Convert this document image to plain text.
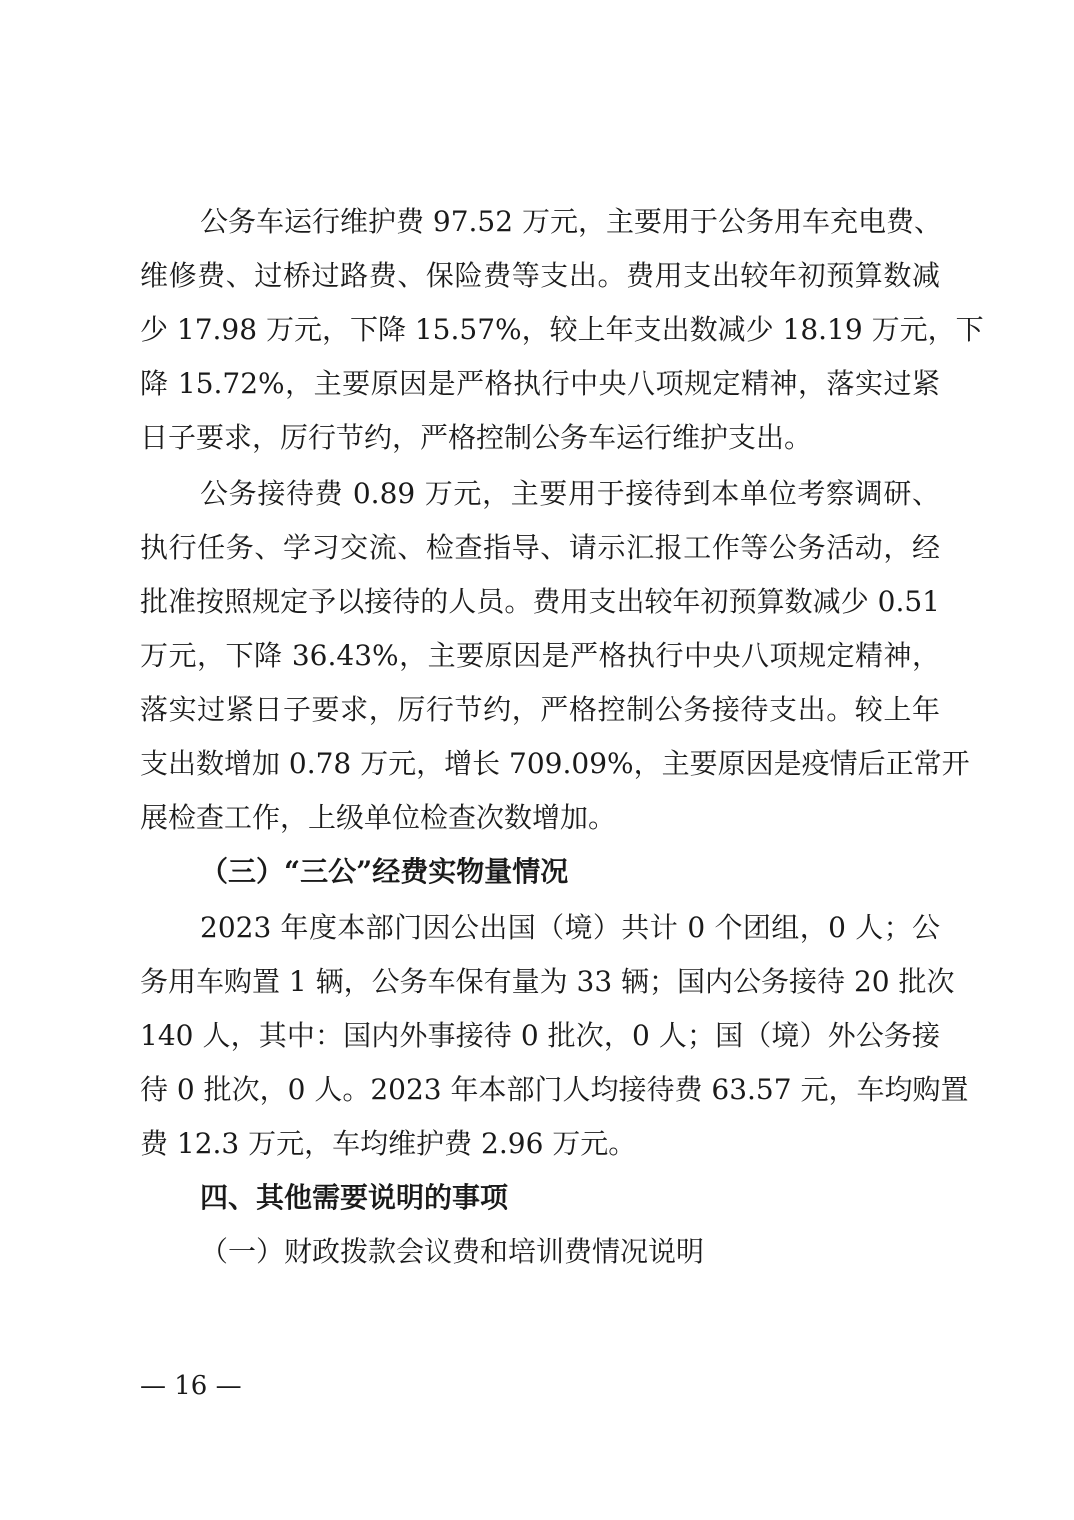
公务车运行维护费 97.52 万元，主要用于公务用车充电费、
维修费、过桥过路费、保险费等支出。费用支出较年初预算数减
少 17.98 万元，下降 15.57%，较上年支出数减少 18.19 万元，下
降 15.72%，主要原因是严格执行中央八项规定精神，落实过紧
日子要求，厉行节约，严格控制公务车运行维护支出。
公务接待费 0.89 万元，主要用于接待到本单位考察调研、
执行任务、学习交流、检查指导、请示汇报工作等公务活动，经
批准按照规定予以接待的人员。费用支出较年初预算数减少 0.51
万元，下降 36.43%，主要原因是严格执行中央八项规定精神，
落实过紧日子要求，厉行节约，严格控制公务接待支出。较上年
支出数增加 0.78 万元，增长 709.09%，主要原因是疫情后正常开
展检查工作，上级单位检查次数增加。
（三）“三公”经费实物量情况
2023 年度本部门因公出国（境）共计 0 个团组，0 人；公
务用车购置 1 辆，公务车保有量为 33 辆；国内公务接待 20 批次
140 人，其中：国内外事接待 0 批次，0 人；国（境）外公务接
待 0 批次，0 人。2023 年本部门人均接待费 63.57 元，车均购置
费 12.3 万元，车均维护费 2.96 万元。
四、其他需要说明的事项
（一）财政拨款会议费和培训费情况说明
— 16 —
